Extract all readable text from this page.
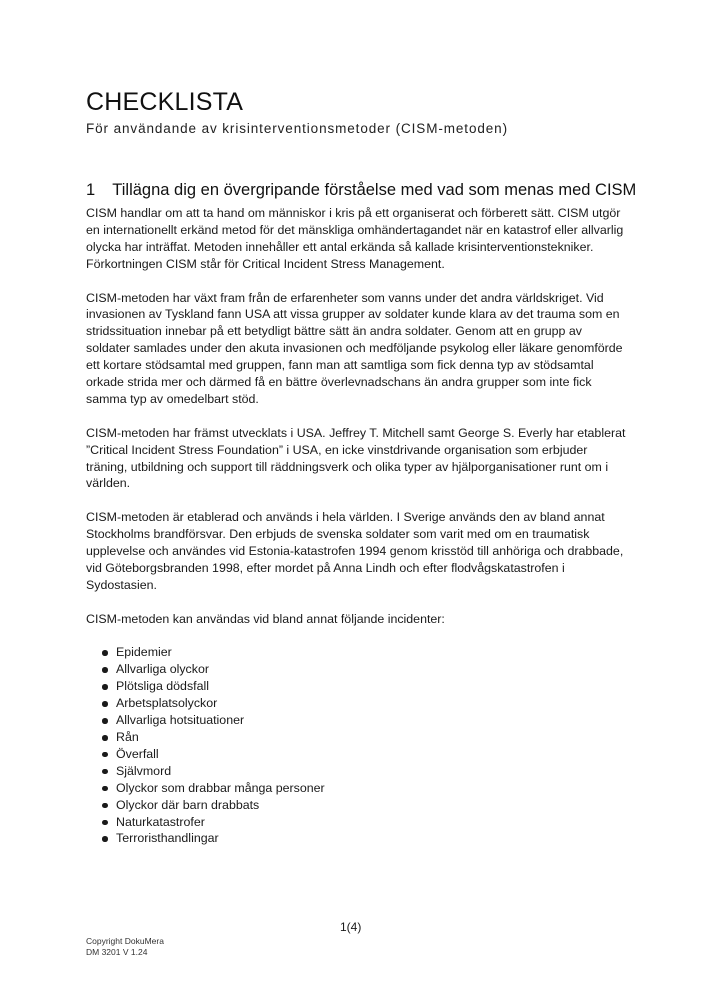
CHECKLISTA

För användande av krisinterventionsmetoder (CISM-metoden)

1 Tillägna dig en övergripande förståelse med vad som menas med CISM

CISM handlar om att ta hand om människor i kris på ett organiserat och förberett sätt. CISM utgör en internationellt erkänd metod för det mänskliga omhändertagandet när en katastrof eller allvarlig olycka har inträffat. Metoden innehåller ett antal erkända så kallade krisinterventionstekniker. Förkortningen CISM står för Critical Incident Stress Management.

CISM-metoden har växt fram från de erfarenheter som vanns under det andra världskriget. Vid invasionen av Tyskland fann USA att vissa grupper av soldater kunde klara av det trauma som en stridssituation innebar på ett betydligt bättre sätt än andra soldater. Genom att en grupp av soldater samlades under den akuta invasionen och medföljande psykolog eller läkare genomförde ett kortare stödsamtal med gruppen, fann man att samtliga som fick denna typ av stödsamtal orkade strida mer och därmed få en bättre överlevnadschans än andra grupper som inte fick samma typ av omedelbart stöd.

CISM-metoden har främst utvecklats i USA. Jeffrey T. Mitchell samt George S. Everly har etablerat ”Critical Incident Stress Foundation” i USA, en icke vinstdrivande organisation som erbjuder träning, utbildning och support till räddningsverk och olika typer av hjälporganisationer runt om i världen.

CISM-metoden är etablerad och används i hela världen. I Sverige används den av bland annat Stockholms brandförsvar. Den erbjuds de svenska soldater som varit med om en traumatisk upplevelse och användes vid Estonia-katastrofen 1994 genom krisstöd till anhöriga och drabbade, vid Göteborgsbranden 1998, efter mordet på Anna Lindh och efter flodvågskatastrofen i Sydostasien.

CISM-metoden kan användas vid bland annat följande incidenter:

Epidemier
Allvarliga olyckor
Plötsliga dödsfall
Arbetsplatsolyckor
Allvarliga hotsituationer
Rån
Överfall
Självmord
Olyckor som drabbar många personer
Olyckor där barn drabbats
Naturkatastrofer
Terroristhandlingar
1(4)
Copyright DokuMera
DM 3201 V 1.24
